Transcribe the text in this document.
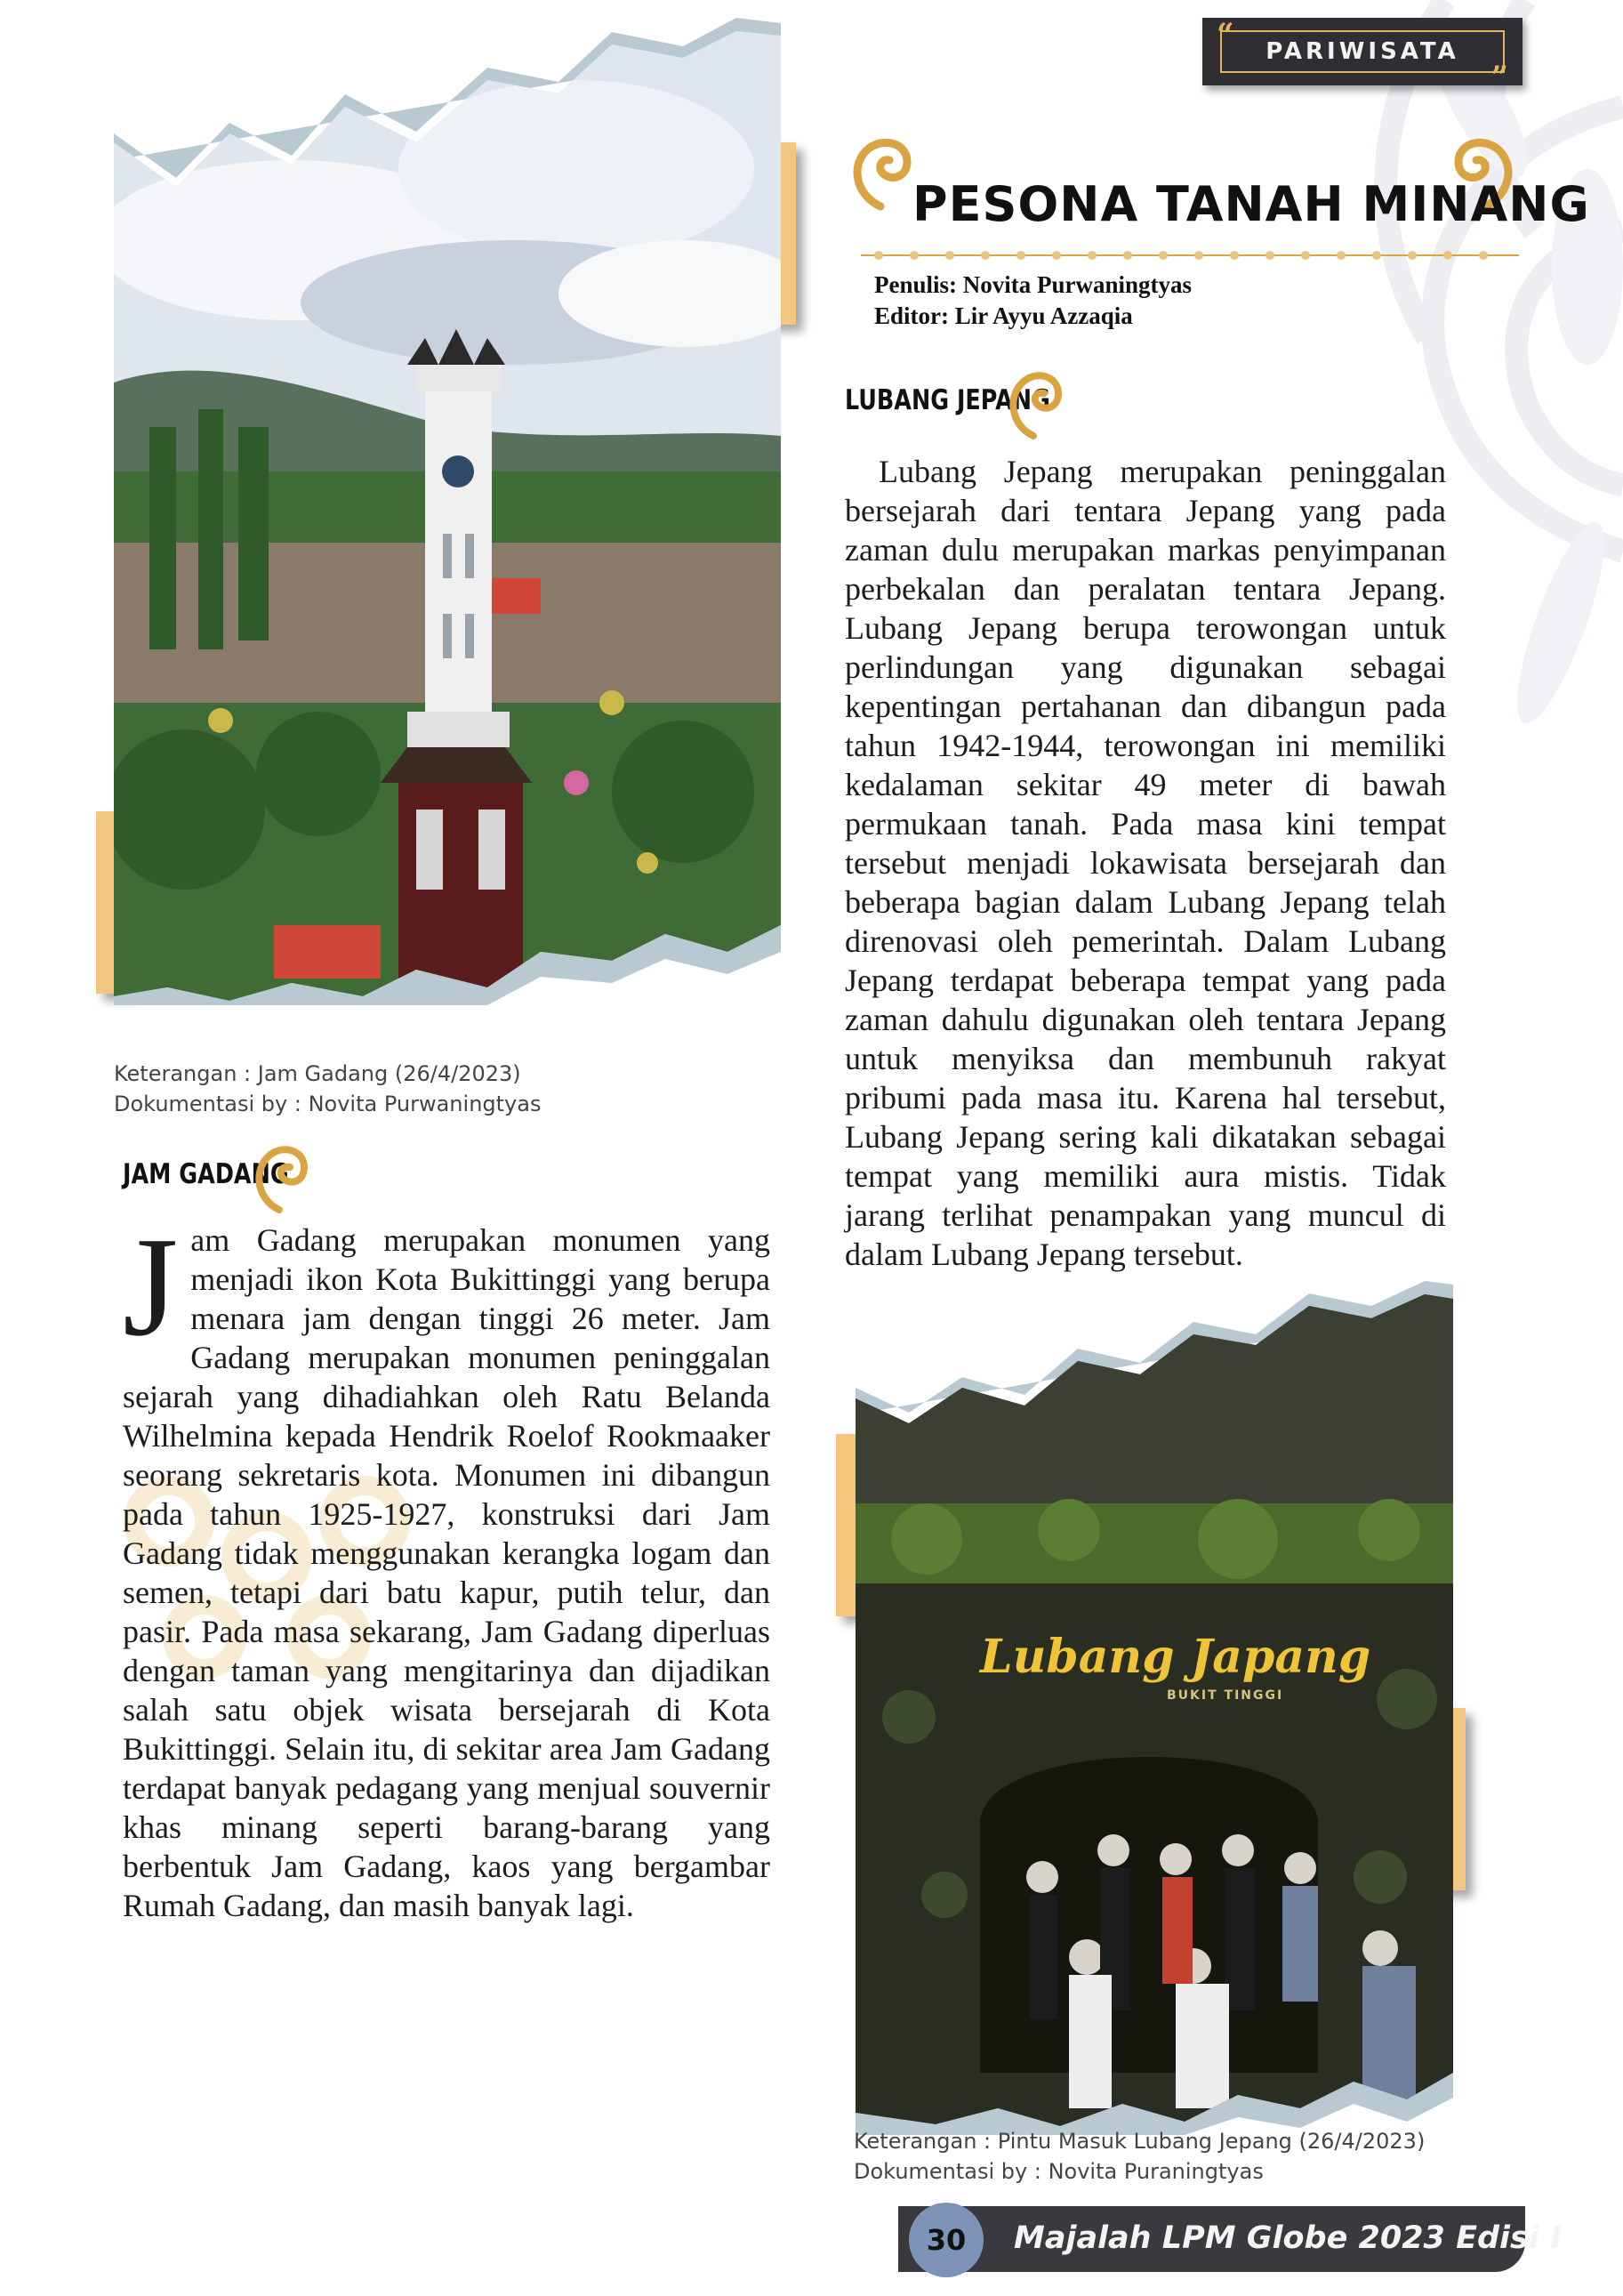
“ PARIWISATA
”
PESONA TANAH MINANG
Penulis: Novita Purwaningtyas
Editor: Lir Ayyu Azzaqia
Keterangan : Jam Gadang (26/4/2023)
Dokumentasi by : Novita Purwaningtyas
LUBANG JEPANG
Lubang Jepang merupakan peninggalan bersejarah dari tentara Jepang yang pada zaman dulu merupakan markas penyimpanan perbekalan dan peralatan tentara Jepang. Lubang Jepang berupa terowongan untuk perlindungan yang digunakan sebagai kepentingan pertahanan dan dibangun pada tahun 1942-1944, terowongan ini memiliki kedalaman sekitar 49 meter di bawah permukaan tanah. Pada masa kini tempat tersebut menjadi lokawisata bersejarah dan beberapa bagian dalam Lubang Jepang telah direnovasi oleh pemerintah. Dalam Lubang Jepang terdapat beberapa tempat yang pada zaman dahulu digunakan oleh tentara Jepang untuk menyiksa dan membunuh rakyat pribumi pada masa itu. Karena hal tersebut, Lubang Jepang sering kali dikatakan sebagai tempat yang memiliki aura mistis. Tidak jarang terlihat penampakan yang muncul di dalam Lubang Jepang tersebut.
JAM GADANG
J am Gadang merupakan monumen yang menjadi ikon Kota Bukittinggi yang berupa menara jam dengan tinggi 26 meter. Jam Gadang merupakan monumen peninggalan sejarah yang dihadiahkan oleh Ratu Belanda Wilhelmina kepada Hendrik Roelof Rookmaaker seorang sekretaris kota. Monumen ini dibangun pada tahun 1925-1927, konstruksi dari Jam Gadang tidak menggunakan kerangka logam dan semen, tetapi dari batu kapur, putih telur, dan pasir. Pada masa sekarang, Jam Gadang diperluas dengan taman yang mengitarinya dan dijadikan salah satu objek wisata bersejarah di Kota Bukittinggi. Selain itu, di sekitar area Jam Gadang terdapat banyak pedagang yang menjual souvernir khas minang seperti barang-barang yang berbentuk Jam Gadang, kaos yang bergambar Rumah Gadang, dan masih banyak lagi.
Lubang Japang
BUKIT TINGGI
Keterangan : Pintu Masuk Lubang Jepang (26/4/2023)
Dokumentasi by : Novita Puraningtyas
30 Majalah LPM Globe 2023 Edisi I
